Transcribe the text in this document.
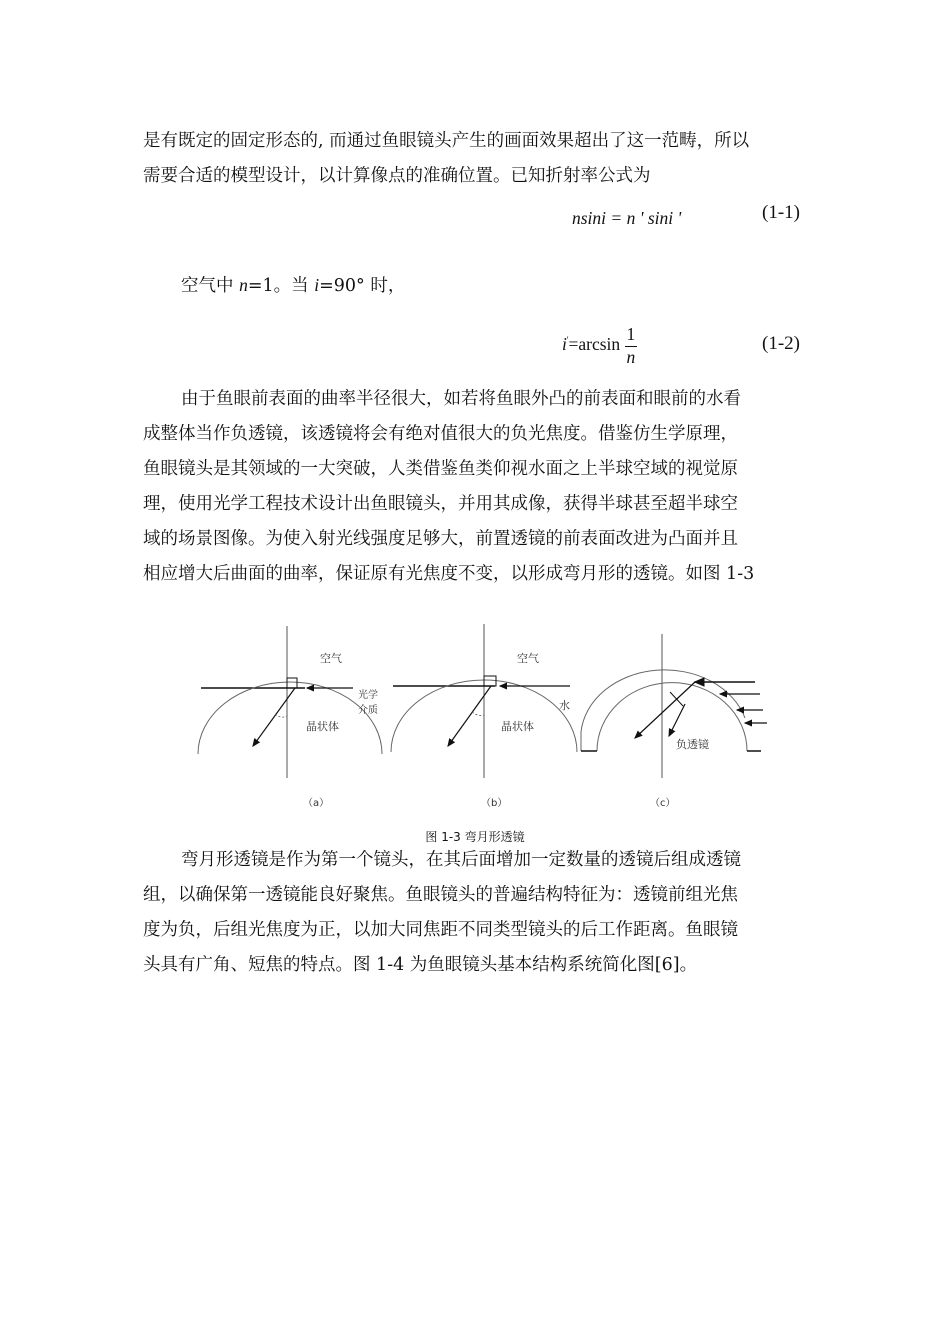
是有既定的固定形态的, 而通过鱼眼镜头产生的画面效果超出了这一范畴，所以

需要合适的模型设计，以计算像点的准确位置。已知折射率公式为

nsini = n ' sini '	(1-1)
空气中 n=1。当 i=90° 时，
$i'=\arcsin \frac{1}{n}$	(1-2)

由于鱼眼前表面的曲率半径很大，如若将鱼眼外凸的前表面和眼前的水看

成整体当作负透镜，该透镜将会有绝对值很大的负光焦度。借鉴仿生学原理，

鱼眼镜头是其领域的一大突破，人类借鉴鱼类仰视水面之上半球空域的视觉原

理，使用光学工程技术设计出鱼眼镜头，并用其成像，获得半球甚至超半球空

域的场景图像。为使入射光线强度足够大，前置透镜的前表面改进为凸面并且

相应增大后曲面的曲率，保证原有光焦度不变，以形成弯月形的透镜。如图 1-3

空气
光学
介质
晶状体
（a）
空气
水
晶状体
（b）
负透镜
（c）
图 1-3 弯月形透镜

弯月形透镜是作为第一个镜头，在其后面增加一定数量的透镜后组成透镜

组，以确保第一透镜能良好聚焦。鱼眼镜头的普遍结构特征为：透镜前组光焦

度为负，后组光焦度为正，以加大同焦距不同类型镜头的后工作距离。鱼眼镜

头具有广角、短焦的特点。图 1-4 为鱼眼镜头基本结构系统简化图[6]。
